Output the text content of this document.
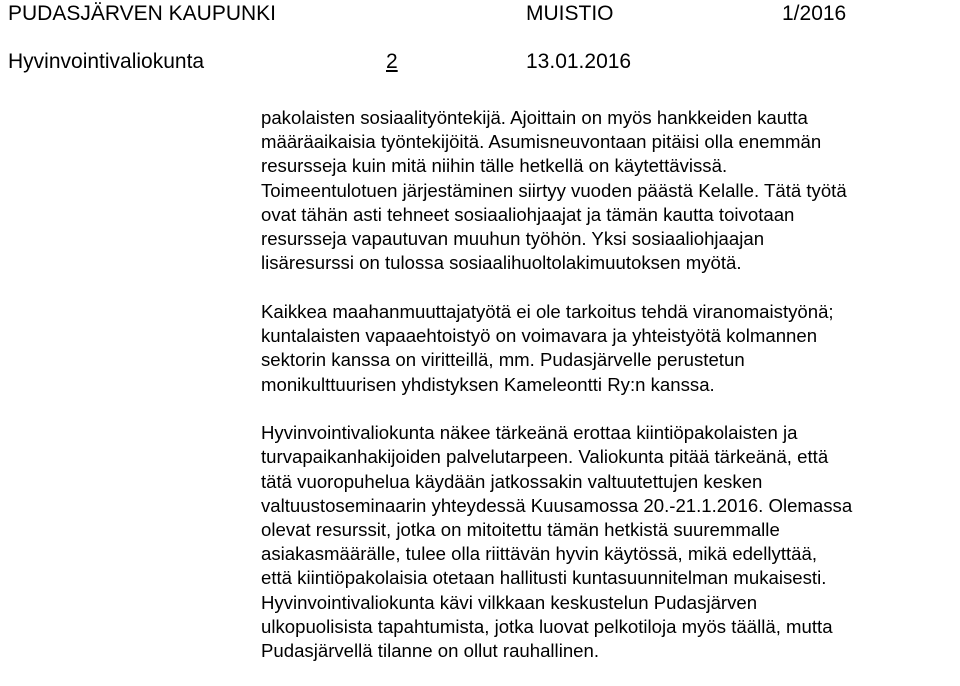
PUDASJÄRVEN KAUPUNKI	MUISTIO	1/2016
Hyvinvointivaliokunta	2	13.01.2016

pakolaisten sosiaalityöntekijä. Ajoittain on myös hankkeiden kautta
määräaikaisia työntekijöitä. Asumisneuvontaan pitäisi olla enemmän
resursseja kuin mitä niihin tälle hetkellä on käytettävissä.
Toimeentulotuen järjestäminen siirtyy vuoden päästä Kelalle. Tätä työtä
ovat tähän asti tehneet sosiaaliohjaajat ja tämän kautta toivotaan
resursseja vapautuvan muuhun työhön. Yksi sosiaaliohjaajan
lisäresurssi on tulossa sosiaalihuoltolakimuutoksen myötä.

Kaikkea maahanmuuttajatyötä ei ole tarkoitus tehdä viranomaistyönä;
kuntalaisten vapaaehtoistyö on voimavara ja yhteistyötä kolmannen
sektorin kanssa on viritteillä, mm. Pudasjärvelle perustetun
monikulttuurisen yhdistyksen Kameleontti Ry:n kanssa.

Hyvinvointivaliokunta näkee tärkeänä erottaa kiintiöpakolaisten ja
turvapaikanhakijoiden palvelutarpeen. Valiokunta pitää tärkeänä, että
tätä vuoropuhelua käydään jatkossakin valtuutettujen kesken
valtuustoseminaarin yhteydessä Kuusamossa 20.-21.1.2016. Olemassa
olevat resurssit, jotka on mitoitettu tämän hetkistä suuremmalle
asiakasmäärälle, tulee olla riittävän hyvin käytössä, mikä edellyttää,
että kiintiöpakolaisia otetaan hallitusti kuntasuunnitelman mukaisesti.
Hyvinvointivaliokunta kävi vilkkaan keskustelun Pudasjärven
ulkopuolisista tapahtumista, jotka luovat pelkotiloja myös täällä, mutta
Pudasjärvellä tilanne on ollut rauhallinen.
